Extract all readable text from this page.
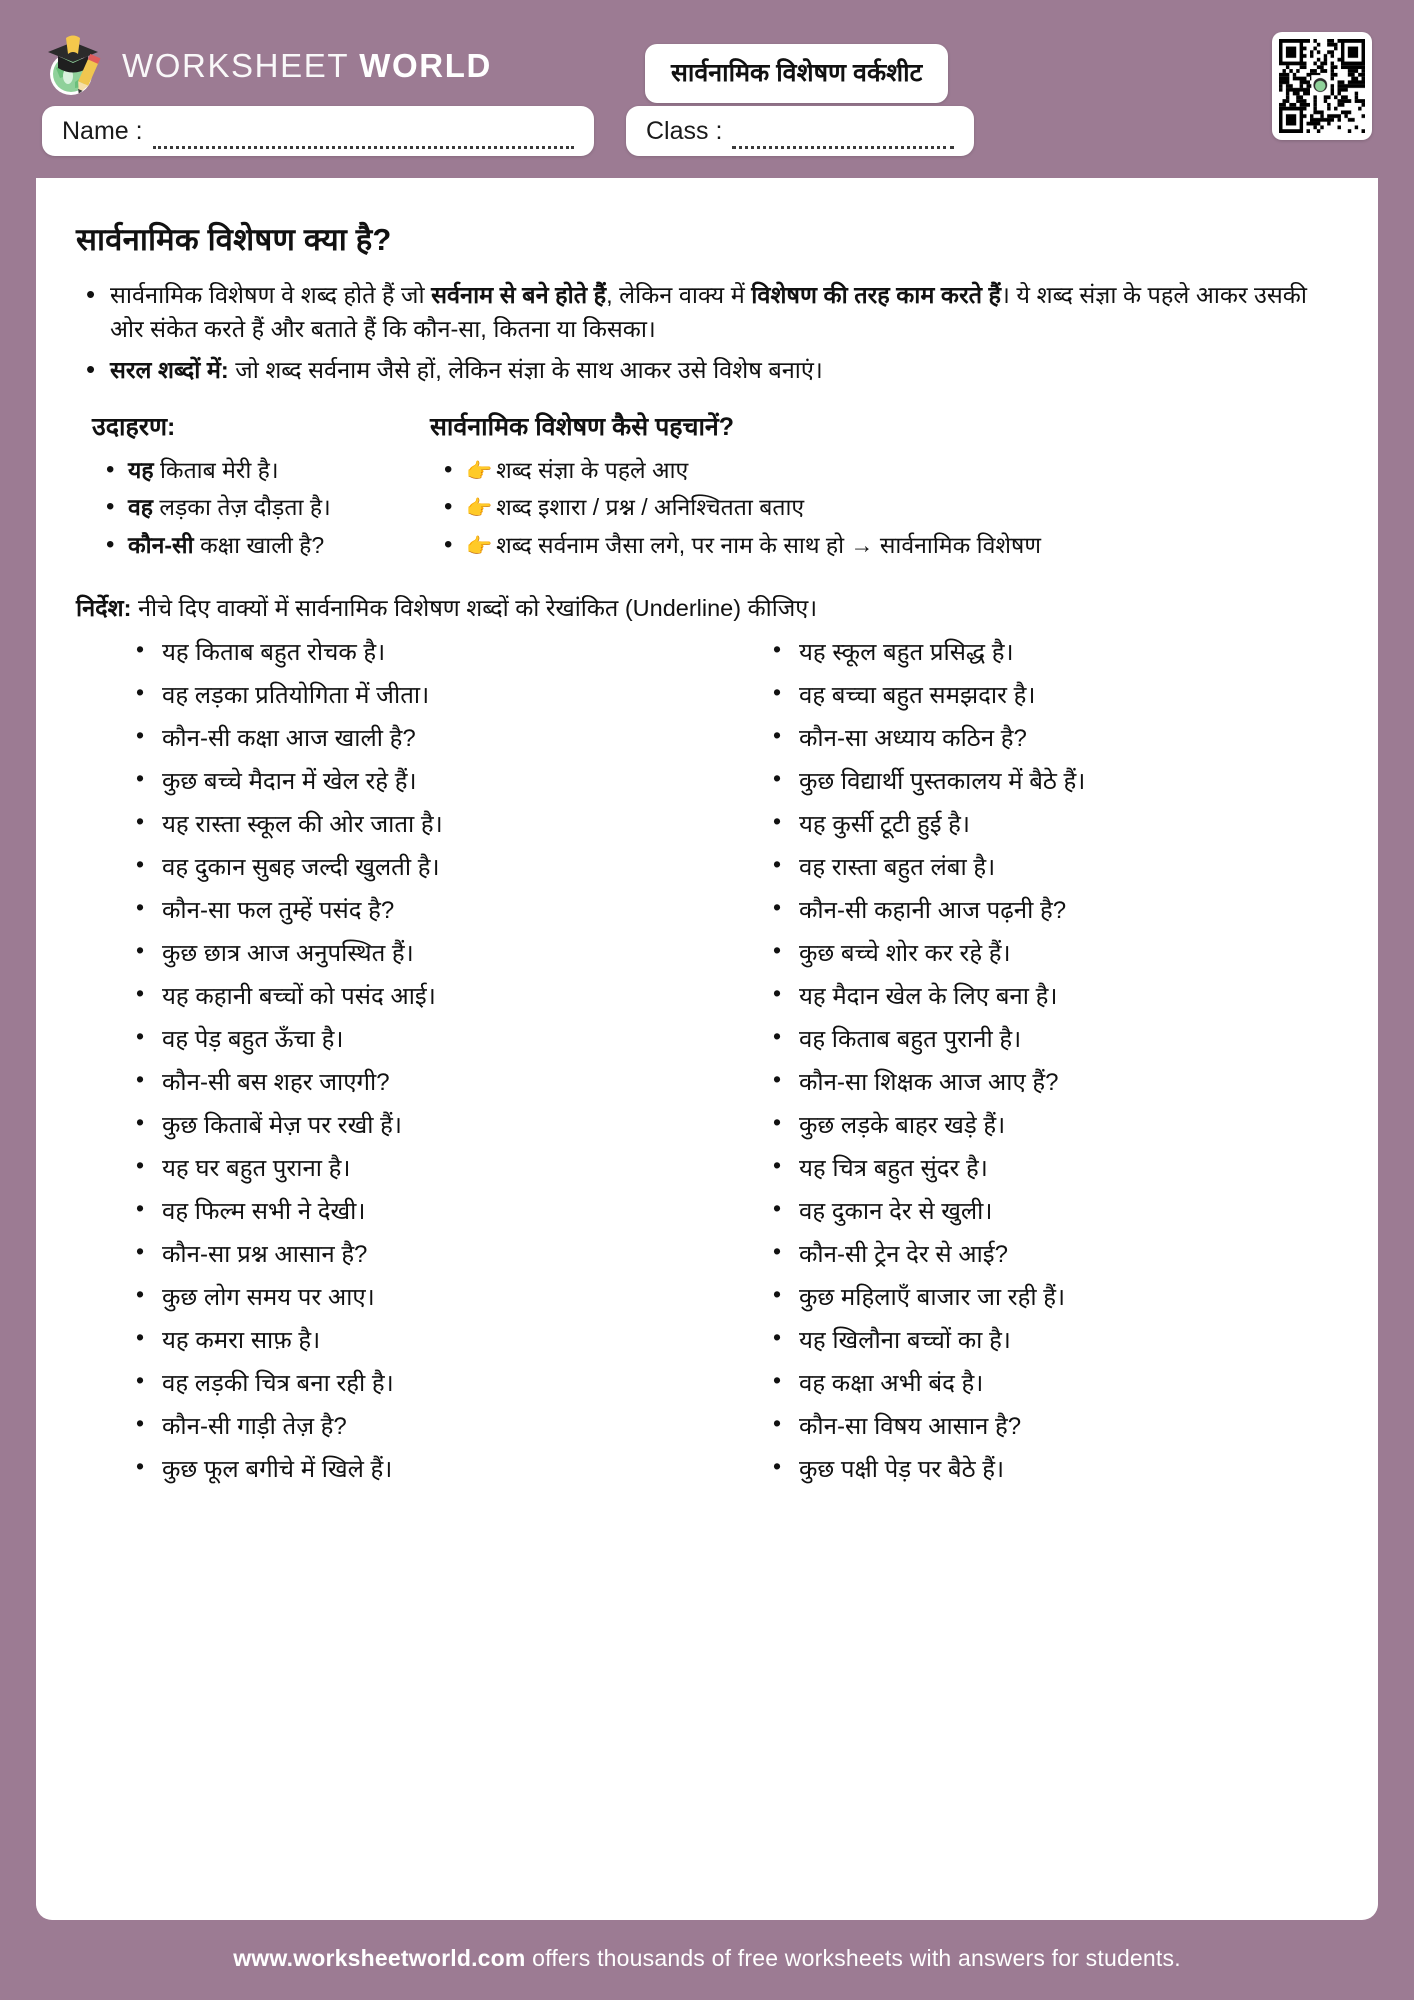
WORKSHEET WORLD	सार्वनामिक विशेषण वर्कशीट
Name :	Class :
सार्वनामिक विशेषण क्या है?
• सार्वनामिक विशेषण वे शब्द होते हैं जो सर्वनाम से बने होते हैं, लेकिन वाक्य में विशेषण की तरह काम करते हैं। ये शब्द संज्ञा के पहले आकर उसकी ओर संकेत करते हैं और बताते हैं कि कौन-सा, कितना या किसका।
• सरल शब्दों में: जो शब्द सर्वनाम जैसे हों, लेकिन संज्ञा के साथ आकर उसे विशेष बनाएं।
उदाहरण:
• यह किताब मेरी है।
• वह लड़का तेज़ दौड़ता है।
• कौन-सी कक्षा खाली है?
सार्वनामिक विशेषण कैसे पहचानें?
• 👉 शब्द संज्ञा के पहले आए
• 👉 शब्द इशारा / प्रश्न / अनिश्चितता बताए
• 👉 शब्द सर्वनाम जैसा लगे, पर नाम के साथ हो → सार्वनामिक विशेषण
निर्देश: नीचे दिए वाक्यों में सार्वनामिक विशेषण शब्दों को रेखांकित (Underline) कीजिए।
• यह किताब बहुत रोचक है।
• वह लड़का प्रतियोगिता में जीता।
• कौन-सी कक्षा आज खाली है?
• कुछ बच्चे मैदान में खेल रहे हैं।
• यह रास्ता स्कूल की ओर जाता है।
• वह दुकान सुबह जल्दी खुलती है।
• कौन-सा फल तुम्हें पसंद है?
• कुछ छात्र आज अनुपस्थित हैं।
• यह कहानी बच्चों को पसंद आई।
• वह पेड़ बहुत ऊँचा है।
• कौन-सी बस शहर जाएगी?
• कुछ किताबें मेज़ पर रखी हैं।
• यह घर बहुत पुराना है।
• वह फिल्म सभी ने देखी।
• कौन-सा प्रश्न आसान है?
• कुछ लोग समय पर आए।
• यह कमरा साफ़ है।
• वह लड़की चित्र बना रही है।
• कौन-सी गाड़ी तेज़ है?
• कुछ फूल बगीचे में खिले हैं।
• यह स्कूल बहुत प्रसिद्ध है।
• वह बच्चा बहुत समझदार है।
• कौन-सा अध्याय कठिन है?
• कुछ विद्यार्थी पुस्तकालय में बैठे हैं।
• यह कुर्सी टूटी हुई है।
• वह रास्ता बहुत लंबा है।
• कौन-सी कहानी आज पढ़नी है?
• कुछ बच्चे शोर कर रहे हैं।
• यह मैदान खेल के लिए बना है।
• वह किताब बहुत पुरानी है।
• कौन-सा शिक्षक आज आए हैं?
• कुछ लड़के बाहर खड़े हैं।
• यह चित्र बहुत सुंदर है।
• वह दुकान देर से खुली।
• कौन-सी ट्रेन देर से आई?
• कुछ महिलाएँ बाजार जा रही हैं।
• यह खिलौना बच्चों का है।
• वह कक्षा अभी बंद है।
• कौन-सा विषय आसान है?
• कुछ पक्षी पेड़ पर बैठे हैं।
www.worksheetworld.com offers thousands of free worksheets with answers for students.
